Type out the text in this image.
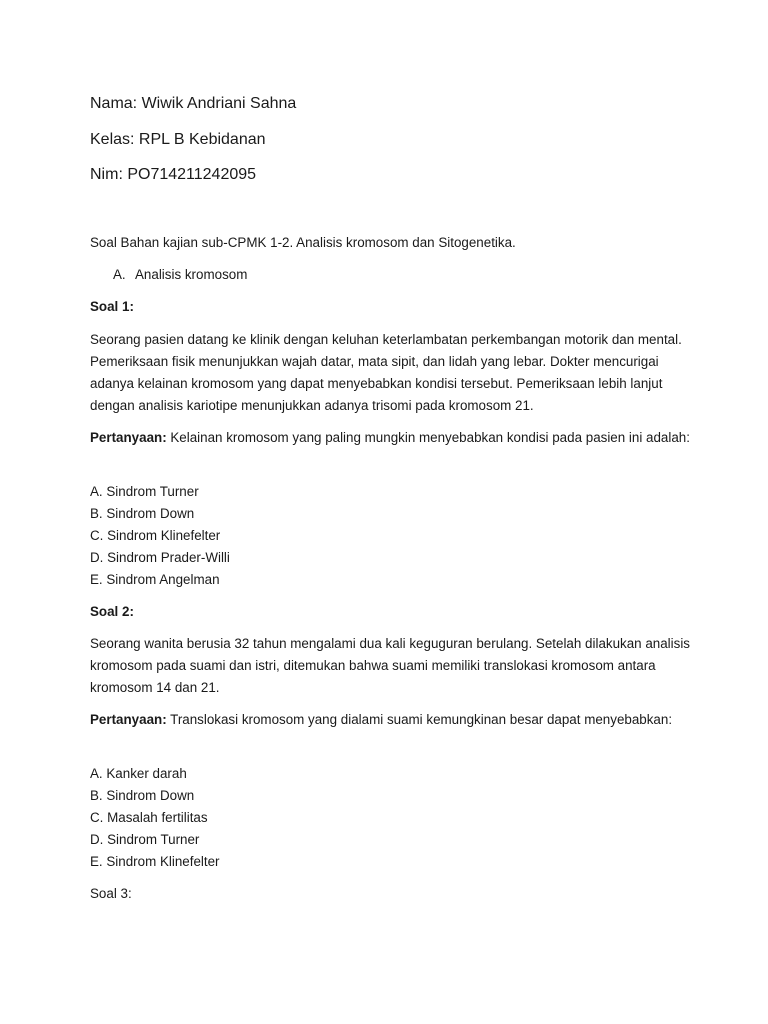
Nama: Wiwik Andriani Sahna

Kelas: RPL B Kebidanan

Nim: PO714211242095

Soal Bahan kajian sub-CPMK 1-2. Analisis kromosom dan Sitogenetika.

A. Analisis kromosom

Soal 1:

Seorang pasien datang ke klinik dengan keluhan keterlambatan perkembangan motorik dan mental. Pemeriksaan fisik menunjukkan wajah datar, mata sipit, dan lidah yang lebar. Dokter mencurigai adanya kelainan kromosom yang dapat menyebabkan kondisi tersebut. Pemeriksaan lebih lanjut dengan analisis kariotipe menunjukkan adanya trisomi pada kromosom 21.

Pertanyaan: Kelainan kromosom yang paling mungkin menyebabkan kondisi pada pasien ini adalah:

A. Sindrom Turner
B. Sindrom Down
C. Sindrom Klinefelter
D. Sindrom Prader-Willi
E. Sindrom Angelman

Soal 2:

Seorang wanita berusia 32 tahun mengalami dua kali keguguran berulang. Setelah dilakukan analisis kromosom pada suami dan istri, ditemukan bahwa suami memiliki translokasi kromosom antara kromosom 14 dan 21.

Pertanyaan: Translokasi kromosom yang dialami suami kemungkinan besar dapat menyebabkan:

A. Kanker darah
B. Sindrom Down
C. Masalah fertilitas
D. Sindrom Turner
E. Sindrom Klinefelter

Soal 3:
